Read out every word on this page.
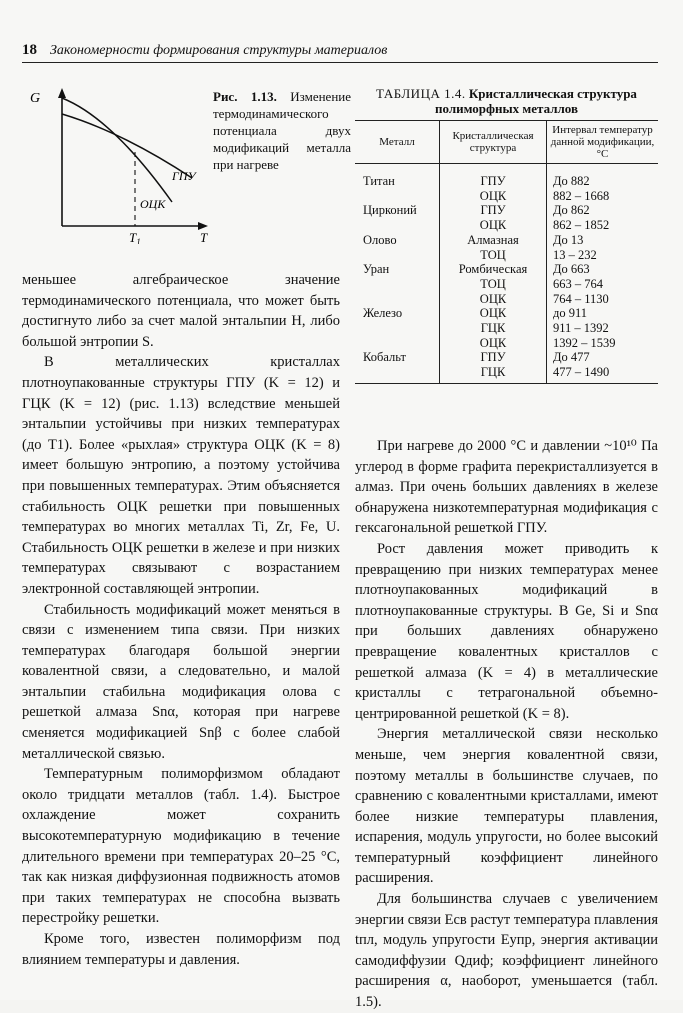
18 Закономерности формирования структуры материалов
G
T
$T_1$
ГПУ
ОЦК
Рис. 1.13. Изменение термодинамического потенциала двух модификаций металла при нагреве
ТАБЛИЦА 1.4. Кристаллическая структура полиморфных металлов
Металл	Кристаллическая структура	Интервал температур данной модификации, °С
Титан	ГПУ	До 882
	ОЦК	882 – 1668
Цирконий	ГПУ	До 862
	ОЦК	862 – 1852
Олово	Алмазная	До 13
	ТОЦ	13 – 232
Уран	Ромбическая	До 663
	ТОЦ	663 – 764
	ОЦК	764 – 1130
Железо	ОЦК	до 911
	ГЦК	911 – 1392
	ОЦК	1392 – 1539
Кобальт	ГПУ	До 477
	ГЦК	477 – 1490

меньшее алгебраическое значение термодинамического потенциала, что может быть достигнуто либо за счет малой энтальпии H, либо большой энтропии S.

В металлических кристаллах плотноупакованные структуры ГПУ (K = 12) и ГЦК (K = 12) (рис. 1.13) вследствие меньшей энтальпии устойчивы при низких температурах (до T1). Более «рыхлая» структура ОЦК (K = 8) имеет большую энтропию, а поэтому устойчива при повышенных температурах. Этим объясняется стабильность ОЦК решетки при повышенных температурах во многих металлах Ti, Zr, Fe, U. Стабильность ОЦК решетки в железе и при низких температурах связывают с возрастанием электронной составляющей энтропии.

Стабильность модификаций может меняться в связи с изменением типа связи. При низких температурах благодаря большой энергии ковалентной связи, а следовательно, и малой энтальпии стабильна модификация олова с решеткой алмаза Snα, которая при нагреве сменяется модификацией Snβ с более слабой металлической связью.

Температурным полиморфизмом обладают около тридцати металлов (табл. 1.4). Быстрое охлаждение может сохранить высокотемпературную модификацию в течение длительного времени при температурах 20–25 °С, так как низкая диффузионная подвижность атомов при таких температурах не способна вызвать перестройку решетки.

Кроме того, известен полиморфизм под влиянием температуры и давления.

При нагреве до 2000 °С и давлении ~10¹⁰ Па углерод в форме графита перекристаллизуется в алмаз. При очень больших давлениях в железе обнаружена низкотемпературная модификация с гексагональной решеткой ГПУ.

Рост давления может приводить к превращению при низких температурах менее плотноупакованных модификаций в плотноупакованные структуры. В Ge, Si и Snα при больших давлениях обнаружено превращение ковалентных кристаллов с решеткой алмаза (K = 4) в металлические кристаллы с тетрагональной объемно-центрированной решеткой (K = 8).

Энергия металлической связи несколько меньше, чем энергия ковалентной связи, поэтому металлы в большинстве случаев, по сравнению с ковалентными кристаллами, имеют более низкие температуры плавления, испарения, модуль упругости, но более высокий температурный коэффициент линейного расширения.

Для большинства случаев с увеличением энергии связи Eсв растут температура плавления tпл, модуль упругости Eупр, энергия активации самодиффузии Qдиф; коэффициент линейного расширения α, наоборот, уменьшается (табл. 1.5).
